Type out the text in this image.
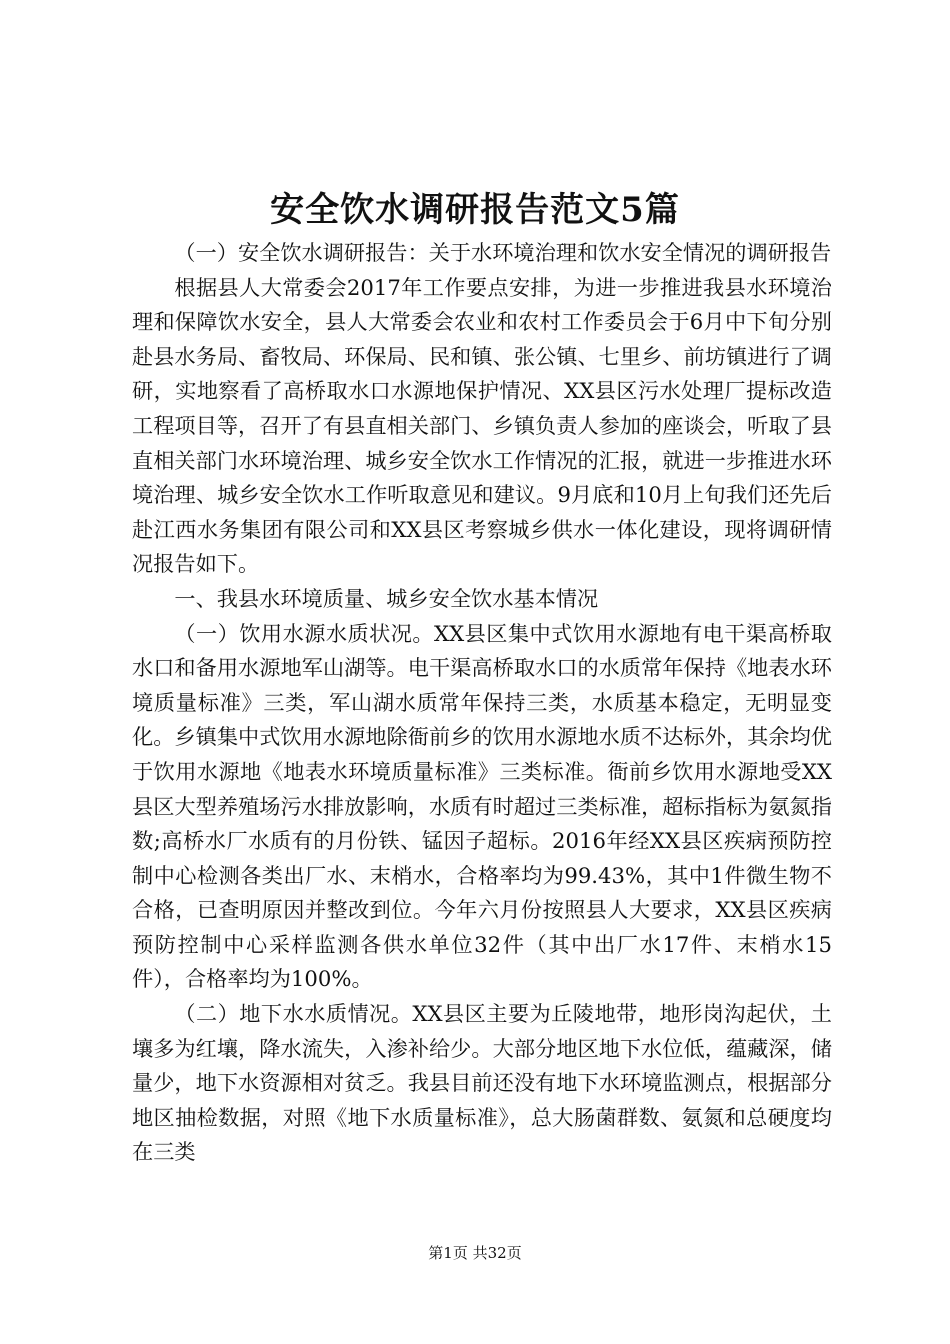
安全饮水调研报告范文5篇

（一）安全饮水调研报告：关于水环境治理和饮水安全情况的调研报告

根据县人大常委会2017年工作要点安排，为进一步推进我县水环境治理和保障饮水安全，县人大常委会农业和农村工作委员会于6月中下旬分别赴县水务局、畜牧局、环保局、民和镇、张公镇、七里乡、前坊镇进行了调研，实地察看了高桥取水口水源地保护情况、XX县区污水处理厂提标改造工程项目等，召开了有县直相关部门、乡镇负责人参加的座谈会，听取了县直相关部门水环境治理、城乡安全饮水工作情况的汇报，就进一步推进水环境治理、城乡安全饮水工作听取意见和建议。9月底和10月上旬我们还先后赴江西水务集团有限公司和XX县区考察城乡供水一体化建设，现将调研情况报告如下。

一、我县水环境质量、城乡安全饮水基本情况

（一）饮用水源水质状况。XX县区集中式饮用水源地有电干渠高桥取水口和备用水源地军山湖等。电干渠高桥取水口的水质常年保持《地表水环境质量标准》三类，军山湖水质常年保持三类，水质基本稳定，无明显变化。乡镇集中式饮用水源地除衙前乡的饮用水源地水质不达标外，其余均优于饮用水源地《地表水环境质量标准》三类标准。衙前乡饮用水源地受XX县区大型养殖场污水排放影响，水质有时超过三类标准，超标指标为氨氮指数;高桥水厂水质有的月份铁、锰因子超标。2016年经XX县区疾病预防控制中心检测各类出厂水、末梢水，合格率均为99.43%，其中1件微生物不合格，已查明原因并整改到位。今年六月份按照县人大要求，XX县区疾病预防控制中心采样监测各供水单位32件（其中出厂水17件、末梢水15件），合格率均为100%。

（二）地下水水质情况。XX县区主要为丘陵地带，地形岗沟起伏，土壤多为红壤，降水流失，入渗补给少。大部分地区地下水位低，蕴藏深，储量少，地下水资源相对贫乏。我县目前还没有地下水环境监测点，根据部分地区抽检数据，对照《地下水质量标准》，总大肠菌群数、氨氮和总硬度均在三类

第1页 共32页
